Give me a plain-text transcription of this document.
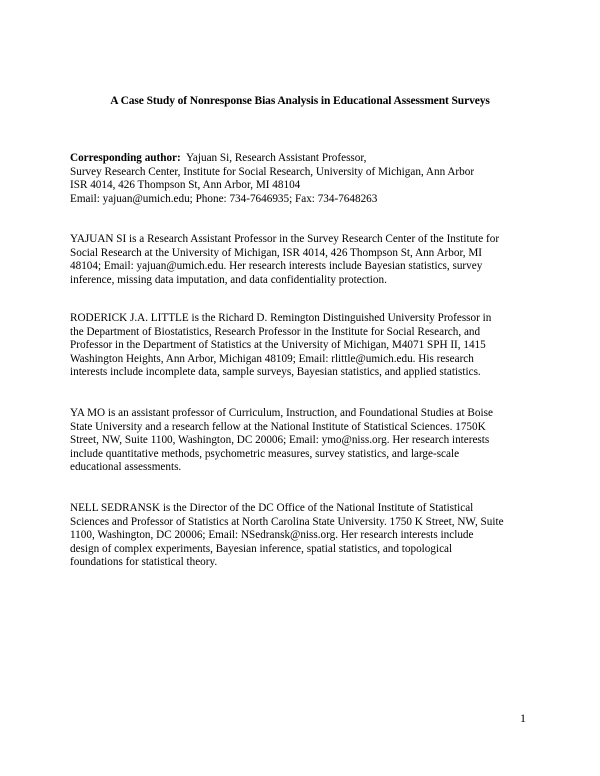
A Case Study of Nonresponse Bias Analysis in Educational Assessment Surveys
Corresponding author: Yajuan Si, Research Assistant Professor,
Survey Research Center, Institute for Social Research, University of Michigan, Ann Arbor
ISR 4014, 426 Thompson St, Ann Arbor, MI 48104
Email: yajuan@umich.edu; Phone: 734-7646935; Fax: 734-7648263
YAJUAN SI is a Research Assistant Professor in the Survey Research Center of the Institute for
Social Research at the University of Michigan, ISR 4014, 426 Thompson St, Ann Arbor, MI
48104; Email: yajuan@umich.edu. Her research interests include Bayesian statistics, survey
inference, missing data imputation, and data confidentiality protection.
RODERICK J.A. LITTLE is the Richard D. Remington Distinguished University Professor in
the Department of Biostatistics, Research Professor in the Institute for Social Research, and
Professor in the Department of Statistics at the University of Michigan, M4071 SPH II, 1415
Washington Heights, Ann Arbor, Michigan 48109; Email: rlittle@umich.edu. His research
interests include incomplete data, sample surveys, Bayesian statistics, and applied statistics.
YA MO is an assistant professor of Curriculum, Instruction, and Foundational Studies at Boise
State University and a research fellow at the National Institute of Statistical Sciences. 1750K
Street, NW, Suite 1100, Washington, DC 20006; Email: ymo@niss.org. Her research interests
include quantitative methods, psychometric measures, survey statistics, and large-scale
educational assessments.
NELL SEDRANSK is the Director of the DC Office of the National Institute of Statistical
Sciences and Professor of Statistics at North Carolina State University. 1750 K Street, NW, Suite
1100, Washington, DC 20006; Email: NSedransk@niss.org. Her research interests include
design of complex experiments, Bayesian inference, spatial statistics, and topological
foundations for statistical theory.

1
